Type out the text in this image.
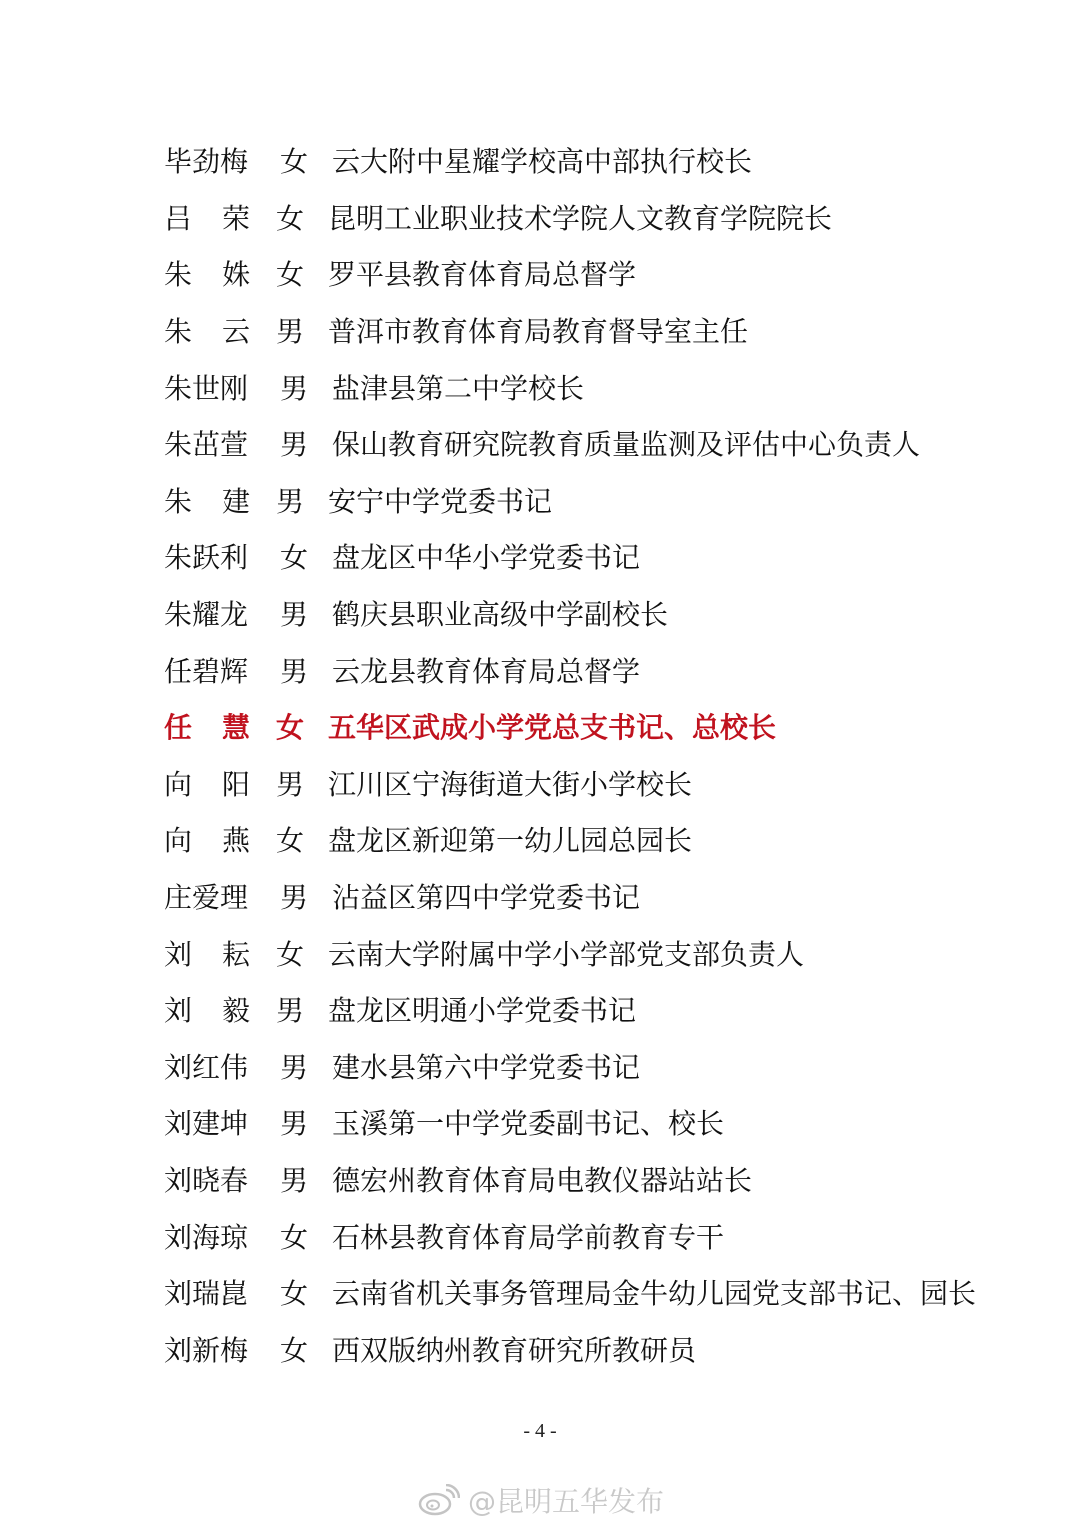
毕劲梅 女 云大附中星耀学校高中部执行校长
吕 荣 女 昆明工业职业技术学院人文教育学院院长
朱 姝 女 罗平县教育体育局总督学
朱 云 男 普洱市教育体育局教育督导室主任
朱世刚 男 盐津县第二中学校长
朱茁萱 男 保山教育研究院教育质量监测及评估中心负责人
朱 建 男 安宁中学党委书记
朱跃利 女 盘龙区中华小学党委书记
朱耀龙 男 鹤庆县职业高级中学副校长
任碧辉 男 云龙县教育体育局总督学
任 慧 女 五华区武成小学党总支书记、总校长
向 阳 男 江川区宁海街道大街小学校长
向 燕 女 盘龙区新迎第一幼儿园总园长
庄爱理 男 沾益区第四中学党委书记
刘 耘 女 云南大学附属中学小学部党支部负责人
刘 毅 男 盘龙区明通小学党委书记
刘红伟 男 建水县第六中学党委书记
刘建坤 男 玉溪第一中学党委副书记、校长
刘晓春 男 德宏州教育体育局电教仪器站站长
刘海琼 女 石林县教育体育局学前教育专干
刘瑞崑 女 云南省机关事务管理局金牛幼儿园党支部书记、园长
刘新梅 女 西双版纳州教育研究所教研员
- 4 -
@昆明五华发布
